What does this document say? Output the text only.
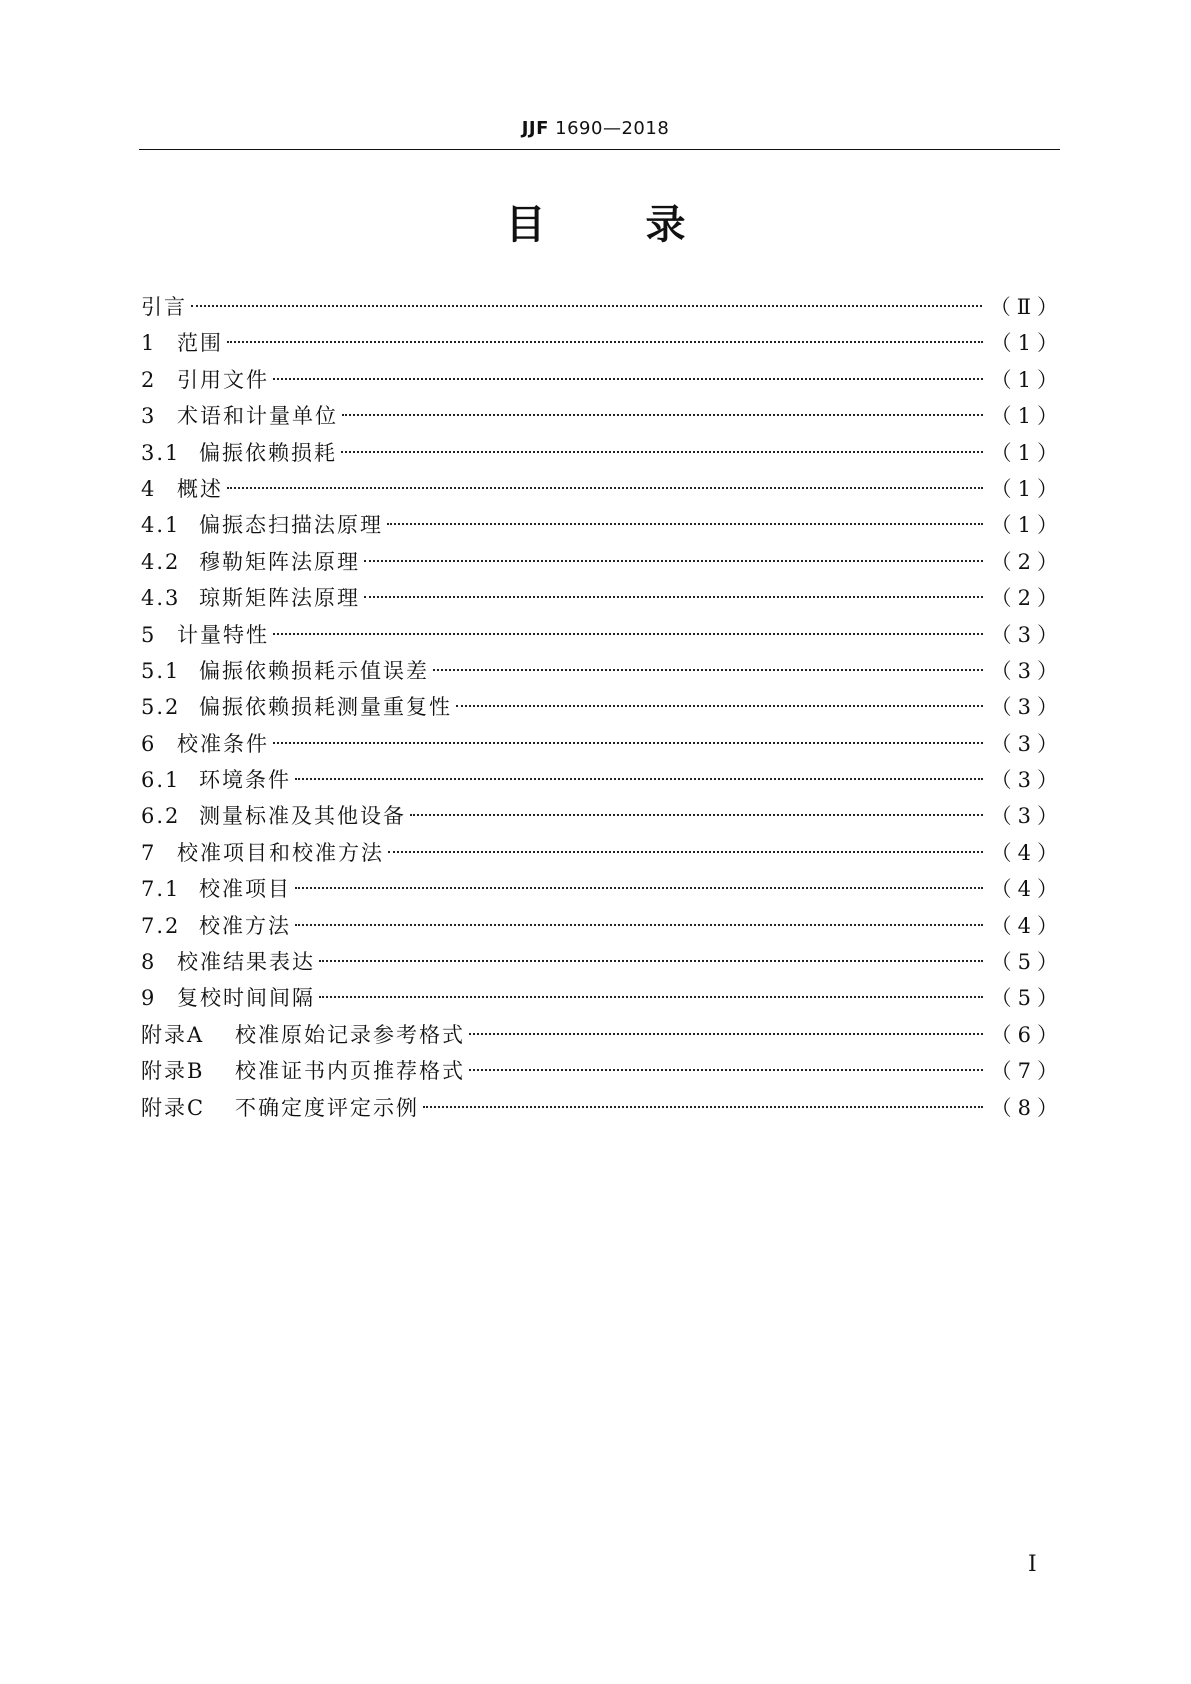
JJF 1690—2018
目	录
引言	（Ⅱ）
1 范围	（1）
2 引用文件	（1）
3 术语和计量单位	（1）
3.1 偏振依赖损耗	（1）
4 概述	（1）
4.1 偏振态扫描法原理	（1）
4.2 穆勒矩阵法原理	（2）
4.3 琼斯矩阵法原理	（2）
5 计量特性	（3）
5.1 偏振依赖损耗示值误差	（3）
5.2 偏振依赖损耗测量重复性	（3）
6 校准条件	（3）
6.1 环境条件	（3）
6.2 测量标准及其他设备	（3）
7 校准项目和校准方法	（4）
7.1 校准项目	（4）
7.2 校准方法	（4）
8 校准结果表达	（5）
9 复校时间间隔	（5）
附录A	校准原始记录参考格式	（6）
附录B	校准证书内页推荐格式	（7）
附录C	不确定度评定示例	（8）
I
